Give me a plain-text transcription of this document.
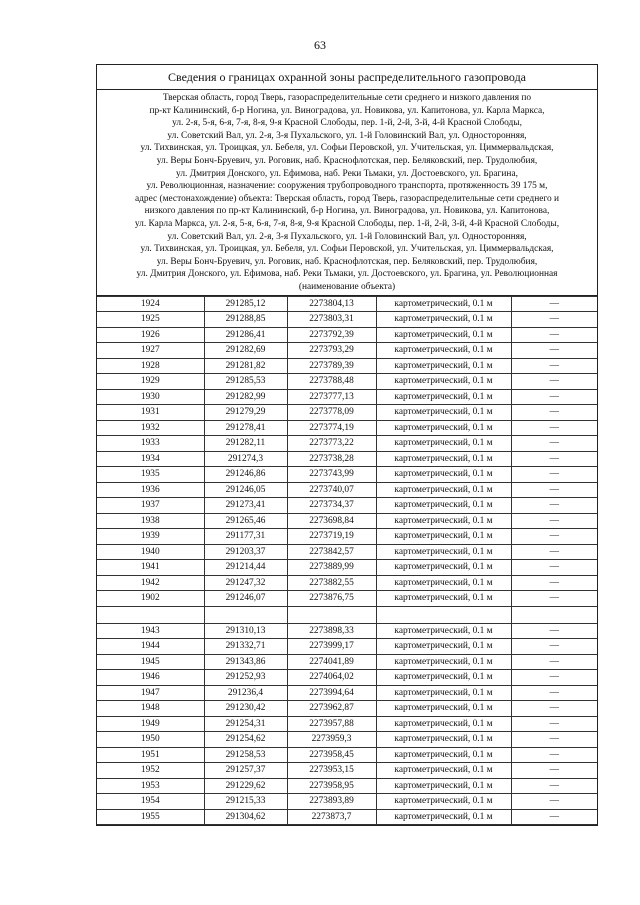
63
Сведения о границах охранной зоны распределительного газопровода
Тверская область, город Тверь, газораспределительные сети среднего и низкого давления по
пр-кт Калининский, б-р Ногина, ул. Виноградова, ул. Новикова, ул. Капитонова, ул. Карла Маркса,
ул. 2-я, 5-я, 6-я, 7-я, 8-я, 9-я Красной Слободы, пер. 1-й, 2-й, 3-й, 4-й Красной Слободы,
ул. Советский Вал, ул. 2-я, 3-я Пухальского, ул. 1-й Головинский Вал, ул. Односторонняя,
ул. Тихвинская, ул. Троицкая, ул. Бебеля, ул. Софьи Перовской, ул. Учительская, ул. Циммервальдская,
ул. Веры Бонч-Бруевич, ул. Роговик, наб. Краснофлотская, пер. Беляковский, пер. Трудолюбия,
ул. Дмитрия Донского, ул. Ефимова, наб. Реки Тьмаки, ул. Достоевского, ул. Брагина,
ул. Революционная, назначение: сооружения трубопроводного транспорта, протяженность 39 175 м,
адрес (местонахождение) объекта: Тверская область, город Тверь, газораспределительные сети среднего и
низкого давления по пр-кт Калининский, б-р Ногина, ул. Виноградова, ул. Новикова, ул. Капитонова,
ул. Карла Маркса, ул. 2-я, 5-я, 6-я, 7-я, 8-я, 9-я Красной Слободы, пер. 1-й, 2-й, 3-й, 4-й Красной Слободы,
ул. Советский Вал, ул. 2-я, 3-я Пухальского, ул. 1-й Головинский Вал, ул. Односторонняя,
ул. Тихвинская, ул. Троицкая, ул. Бебеля, ул. Софьи Перовской, ул. Учительская, ул. Циммервальдская,
ул. Веры Бонч-Бруевич, ул. Роговик, наб. Краснофлотская, пер. Беляковский, пер. Трудолюбия,
ул. Дмитрия Донского, ул. Ефимова, наб. Реки Тьмаки, ул. Достоевского, ул. Брагина, ул. Революционная
(наименование объекта)
1924	291285,12	2273804,13	картометрический, 0.1 м	—
1925	291288,85	2273803,31	картометрический, 0.1 м	—
1926	291286,41	2273792,39	картометрический, 0.1 м	—
1927	291282,69	2273793,29	картометрический, 0.1 м	—
1928	291281,82	2273789,39	картометрический, 0.1 м	—
1929	291285,53	2273788,48	картометрический, 0.1 м	—
1930	291282,99	2273777,13	картометрический, 0.1 м	—
1931	291279,29	2273778,09	картометрический, 0.1 м	—
1932	291278,41	2273774,19	картометрический, 0.1 м	—
1933	291282,11	2273773,22	картометрический, 0.1 м	—
1934	291274,3	2273738,28	картометрический, 0.1 м	—
1935	291246,86	2273743,99	картометрический, 0.1 м	—
1936	291246,05	2273740,07	картометрический, 0.1 м	—
1937	291273,41	2273734,37	картометрический, 0.1 м	—
1938	291265,46	2273698,84	картометрический, 0.1 м	—
1939	291177,31	2273719,19	картометрический, 0.1 м	—
1940	291203,37	2273842,57	картометрический, 0.1 м	—
1941	291214,44	2273889,99	картометрический, 0.1 м	—
1942	291247,32	2273882,55	картометрический, 0.1 м	—
1902	291246,07	2273876,75	картометрический, 0.1 м	—

1943	291310,13	2273898,33	картометрический, 0.1 м	—
1944	291332,71	2273999,17	картометрический, 0.1 м	—
1945	291343,86	2274041,89	картометрический, 0.1 м	—
1946	291252,93	2274064,02	картометрический, 0.1 м	—
1947	291236,4	2273994,64	картометрический, 0.1 м	—
1948	291230,42	2273962,87	картометрический, 0.1 м	—
1949	291254,31	2273957,88	картометрический, 0.1 м	—
1950	291254,62	2273959,3	картометрический, 0.1 м	—
1951	291258,53	2273958,45	картометрический, 0.1 м	—
1952	291257,37	2273953,15	картометрический, 0.1 м	—
1953	291229,62	2273958,95	картометрический, 0.1 м	—
1954	291215,33	2273893,89	картометрический, 0.1 м	—
1955	291304,62	2273873,7	картометрический, 0.1 м	—
